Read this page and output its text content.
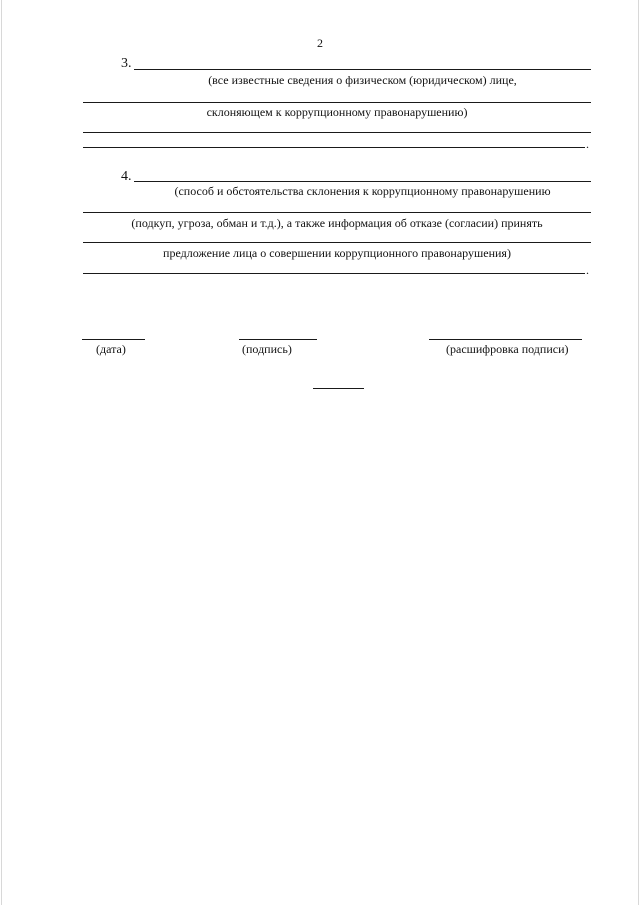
2
3.
(все известные сведения о физическом (юридическом) лице,
склоняющем к коррупционному правонарушению)
.
4.
(способ и обстоятельства склонения к коррупционному правонарушению
(подкуп, угроза, обман и т.д.), а также информация об отказе (согласии) принять
предложение лица о совершении коррупционного правонарушения)
.
(дата)	(подпись)	(расшифровка подписи)
